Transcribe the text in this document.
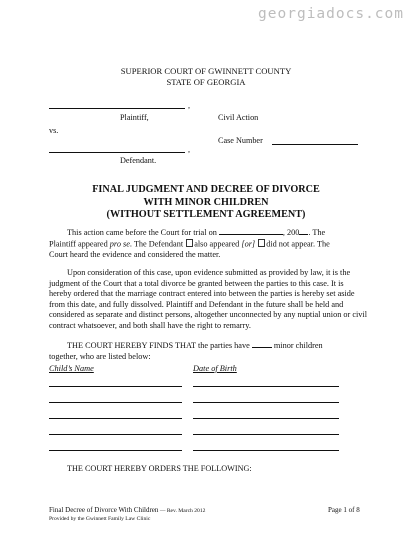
georgiadocs.com
SUPERIOR COURT OF GWINNETT COUNTY
STATE OF GEORGIA
,
Plaintiff,	Civil Action
vs.
Case Number
,
Defendant.
FINAL JUDGMENT AND DECREE OF DIVORCE
WITH MINOR CHILDREN
(WITHOUT SETTLEMENT AGREEMENT)
This action came before the Court for trial on	, 200 . The
Plaintiff appeared pro se. The Defendant also appeared [or] did not appear. The
Court heard the evidence and considered the matter.
Upon consideration of this case, upon evidence submitted as provided by law, it is the judgment of the Court that a total divorce be granted between the parties to this case. It is hereby ordered that the marriage contract entered into between the parties is hereby set aside from this date, and fully dissolved. Plaintiff and Defendant in the future shall be held and considered as separate and distinct persons, altogether unconnected by any nuptial union or civil contract whatsoever, and both shall have the right to remarry.
THE COURT HEREBY FINDS THAT the parties have	minor children
together, who are listed below:
Child’s Name	Date of Birth
THE COURT HEREBY ORDERS THE FOLLOWING:
Final Decree of Divorce With Children — Rev. March 2012
Provided by the Gwinnett Family Law Clinic
Page 1 of 8
